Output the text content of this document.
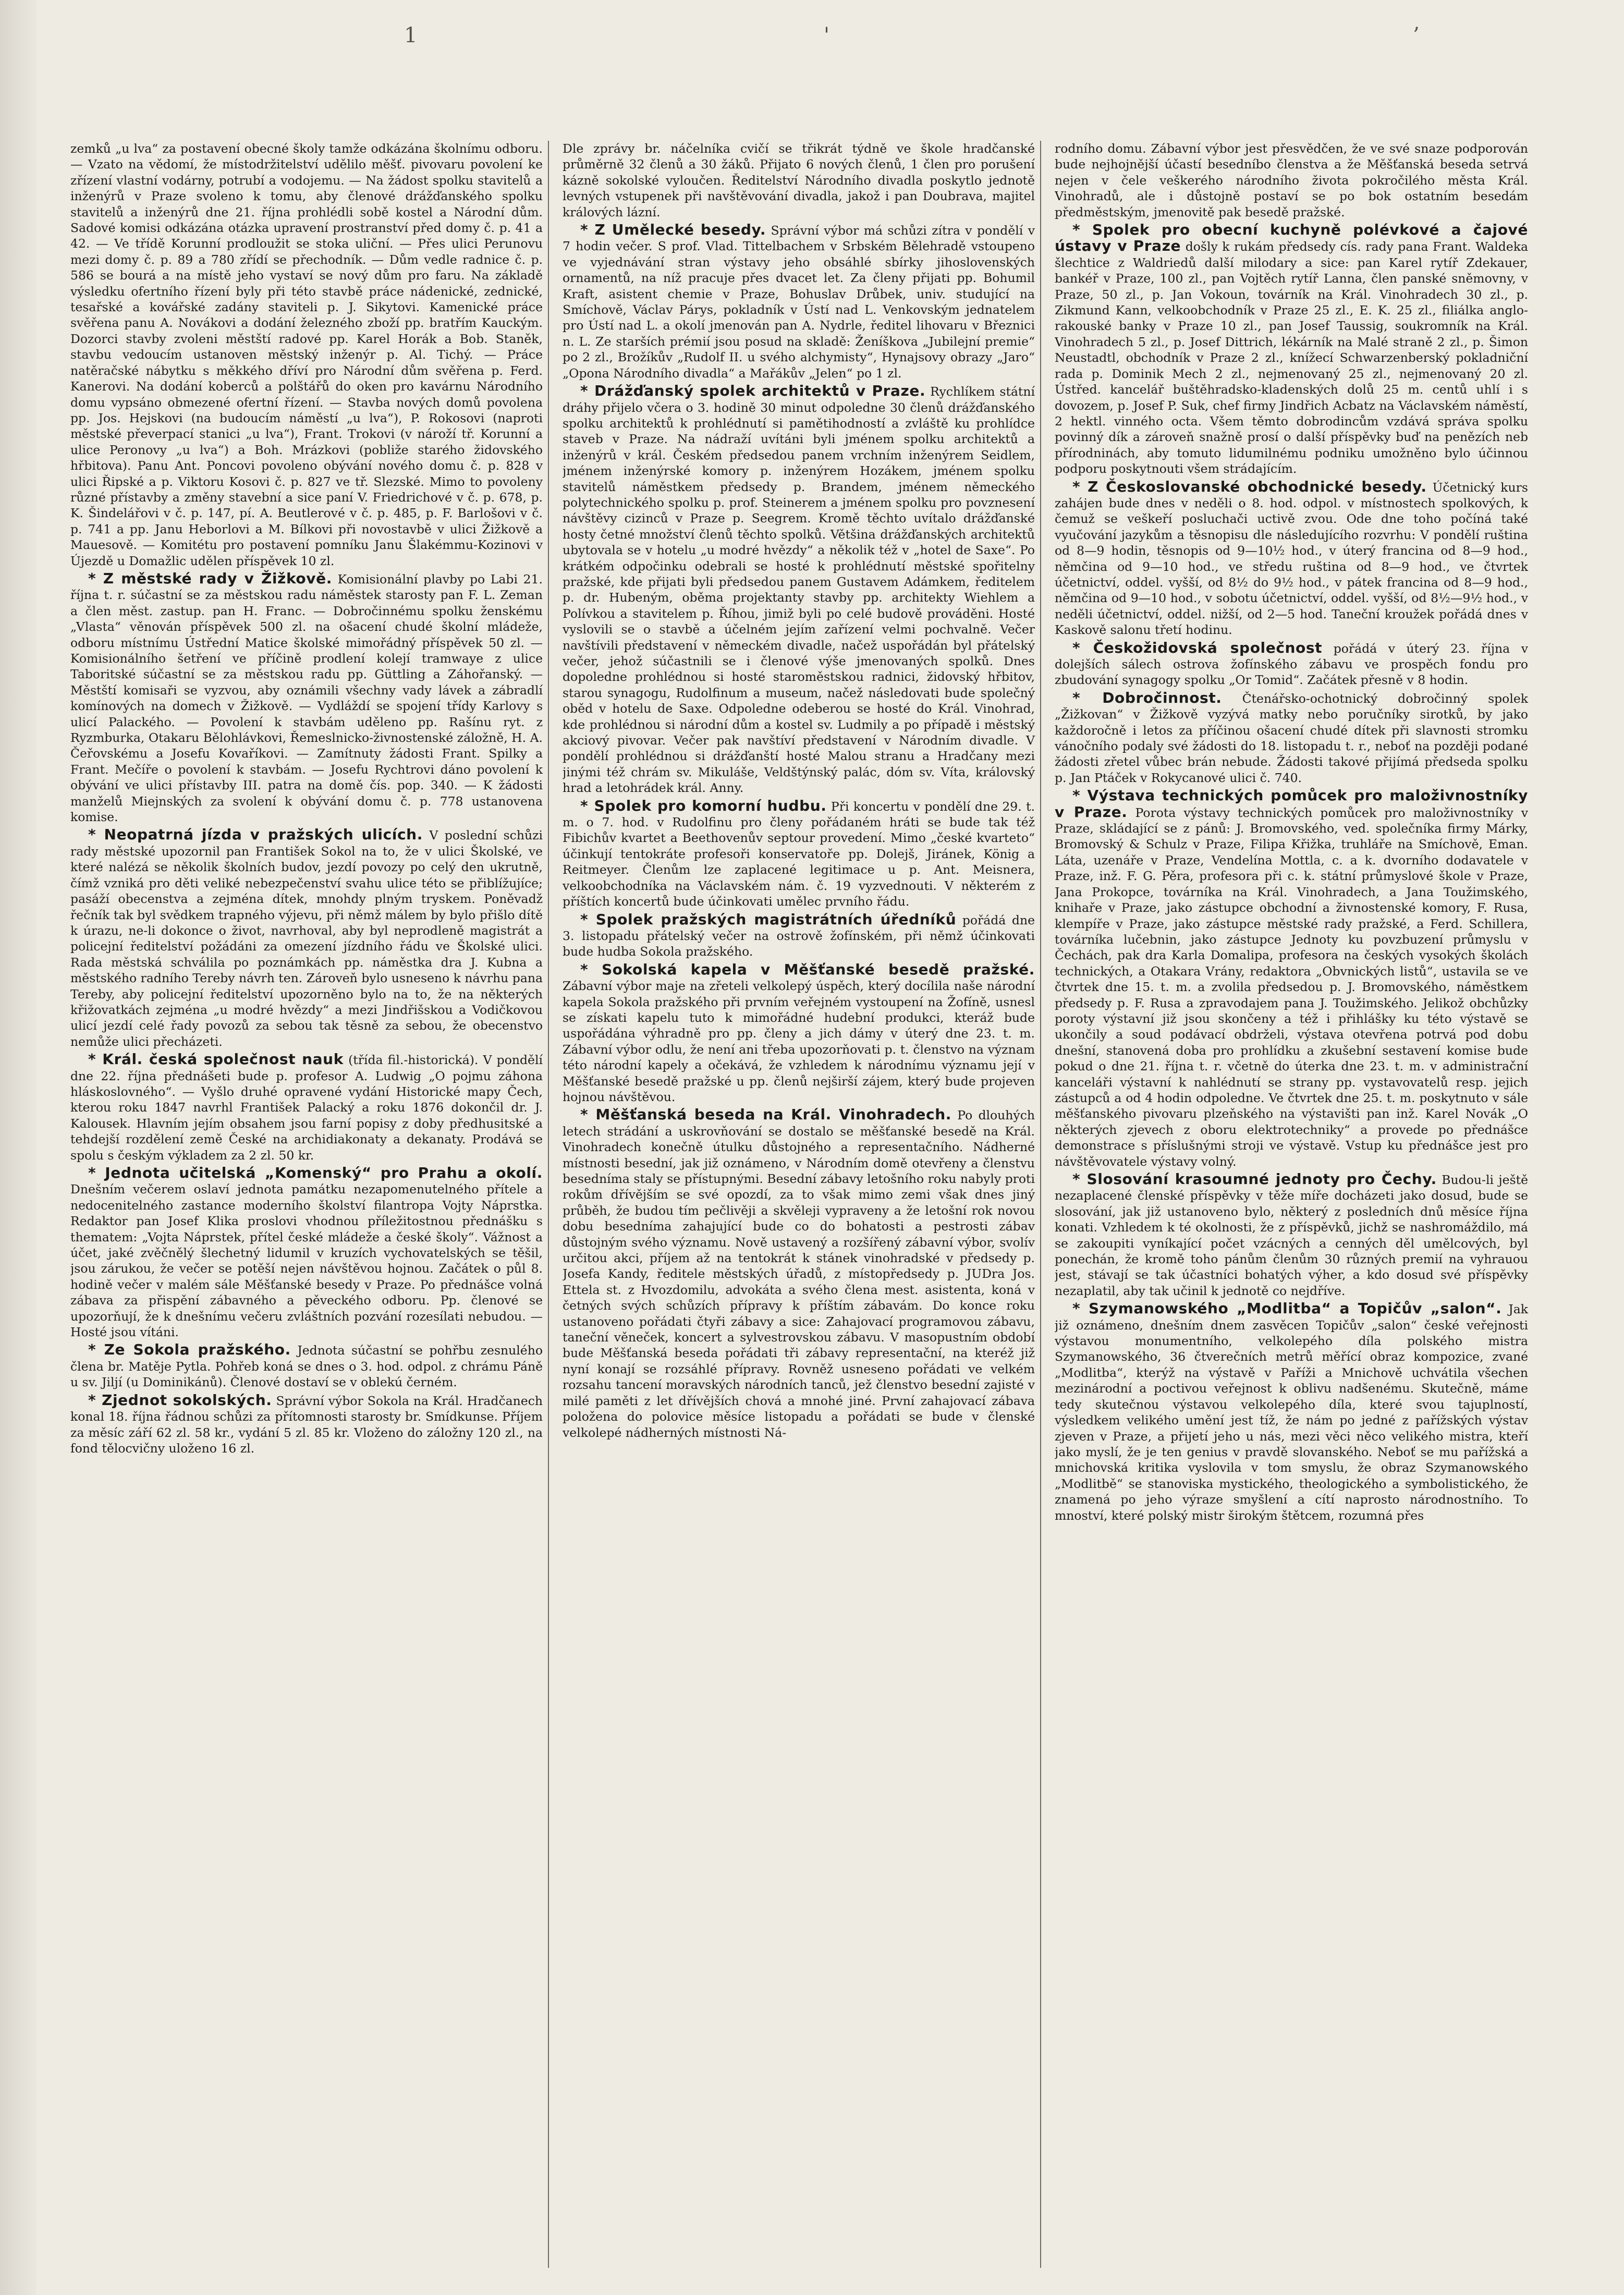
1	'	’

zemků „u lva“ za postavení obecné školy tamže odkázána školnímu odboru. — Vzato na vědomí, že místodržitelství udělilo měšť. pivovaru povolení ke zřízení vlastní vodárny, potrubí a vodojemu. — Na žádost spolku stavitelů a inženýrů v Praze svoleno k tomu, aby členové drážďanského spolku stavitelů a inženýrů dne 21. října prohlédli sobě kostel a Národní dům. Sadové komisi odkázána otázka upravení prostranství před domy č. p. 41 a 42. — Ve třídě Korunní prodloužit se stoka uliční. — Přes ulici Perunovu mezi domy č. p. 89 a 780 zřídí se přechodník. — Dům vedle radnice č. p. 586 se bourá a na místě jeho vystaví se nový dům pro faru. Na základě výsledku ofertního řízení byly při této stavbě práce nádenické, zednické, tesařské a kovářské zadány staviteli p. J. Sikytovi. Kamenické práce svěřena panu A. Novákovi a dodání železného zboží pp. bratřím Kauckým. Dozorci stavby zvoleni městští radové pp. Karel Horák a Bob. Staněk, stavbu vedoucím ustanoven městský inženýr p. Al. Tichý. — Práce natěračské nábytku s měkkého dříví pro Národní dům svěřena p. Ferd. Kanerovi. Na dodání koberců a polštářů do oken pro kavárnu Národního domu vypsáno obmezené ofertní řízení. — Stavba nových domů povolena pp. Jos. Hejskovi (na budoucím náměstí „u lva“), P. Rokosovi (naproti městské převerpací stanici „u lva“), Frant. Trokovi (v nároží tř. Korunní a ulice Peronovy „u lva“) a Boh. Mrázkovi (pobliže starého židovského hřbitova). Panu Ant. Poncovi povoleno obývání nového domu č. p. 828 v ulici Řipské a p. Viktoru Kosovi č. p. 827 ve tř. Slezské. Mimo to povoleny různé přístavby a změny stavební a sice paní V. Friedrichové v č. p. 678, p. K. Šindelářovi v č. p. 147, pí. A. Beutlerové v č. p. 485, p. F. Barlošovi v č. p. 741 a pp. Janu Heborlovi a M. Bílkovi při novostavbě v ulici Žižkově a Mauesově. — Komitétu pro postavení pomníku Janu Šlakémmu-Kozinovi v Újezdě u Domažlic udělen příspěvek 10 zl.

* Z městské rady v Žižkově. Komisionální plavby po Labi 21. října t. r. súčastní se za městskou radu náměstek starosty pan F. L. Zeman a člen měst. zastup. pan H. Franc. — Dobročinnému spolku ženskému „Vlasta“ věnován příspěvek 500 zl. na ošacení chudé školní mládeže, odboru místnímu Ústřední Matice školské mimořádný příspěvek 50 zl. — Komisionálního šetření ve příčině prodlení kolejí tramwaye z ulice Taboritské súčastní se za městskou radu pp. Güttling a Záhořanský. — Městští komisaři se vyzvou, aby oznámili všechny vady lávek a zábradlí komínových na domech v Žižkově. — Vydláždí se spojení třídy Karlovy s ulicí Palackého. — Povolení k stavbám uděleno pp. Rašínu ryt. z Ryzmburka, Otakaru Bělohlávkovi, Řemeslnicko-živnostenské záložně, H. A. Čeřovskému a Josefu Kovaříkovi. — Zamítnuty žádosti Frant. Spilky a Frant. Mečíře o povolení k stavbám. — Josefu Rychtrovi dáno povolení k obývání ve ulici přístavby III. patra na domě čís. pop. 340. — K žádosti manželů Miejnských za svolení k obývání domu č. p. 778 ustanovena komise.

* Neopatrná jízda v pražských ulicích. V poslední schůzi rady městské upozornil pan František Sokol na to, že v ulici Školské, ve které nalézá se několik školních budov, jezdí povozy po celý den ukrutně, čímž vzniká pro děti veliké nebezpečenství svahu ulice této se přiblížujíce; pasáží obecenstva a zejména dítek, mnohdy plným tryskem. Poněvadž řečník tak byl svědkem trapného výjevu, při němž málem by bylo přišlo dítě k úrazu, ne-li dokonce o život, navrhoval, aby byl neprodleně magistrát a policejní ředitelství požádáni za omezení jízdního řádu ve Školské ulici. Rada městská schválila po poznámkách pp. náměstka dra J. Kubna a městského radního Tereby návrh ten. Zároveň bylo usneseno k návrhu pana Tereby, aby policejní ředitelství upozorněno bylo na to, že na některých křižovatkách zejména „u modré hvězdy“ a mezi Jindřišskou a Vodičkovou ulicí jezdí celé řady povozů za sebou tak těsně za sebou, že obecenstvo nemůže ulici přecházeti.

* Král. česká společnost nauk (třída fil.-historická). V pondělí dne 22. října přednášeti bude p. profesor A. Ludwig „O pojmu záhona hláskoslovného“. — Vyšlo druhé opravené vydání Historické mapy Čech, kterou roku 1847 navrhl František Palacký a roku 1876 dokončil dr. J. Kalousek. Hlavním jejím obsahem jsou farní popisy z doby předhusitské a tehdejší rozdělení země České na archidiakonaty a dekanaty. Prodává se spolu s českým výkladem za 2 zl. 50 kr.

* Jednota učitelská „Komenský“ pro Prahu a okolí. Dnešním večerem oslaví jednota památku nezapomenutelného přítele a nedocenitelného zastance moderního školství filantropa Vojty Náprstka. Redaktor pan Josef Klika proslovi vhodnou příležitostnou přednášku s thematem: „Vojta Náprstek, přítel české mládeže a české školy“. Vážnost a účet, jaké zvěčnělý šlechetný lidumil v kruzích vychovatelských se těšil, jsou zárukou, že večer se potěší nejen návštěvou hojnou. Začátek o půl 8. hodině večer v malém sále Měšťanské besedy v Praze. Po přednášce volná zábava za přispění zábavného a pěveckého odboru. Pp. členové se upozorňují, že k dnešnímu večeru zvláštních pozvání rozesílati nebudou. — Hosté jsou vítáni.

* Ze Sokola pražského. Jednota súčastní se pohřbu zesnulého člena br. Matěje Pytla. Pohřeb koná se dnes o 3. hod. odpol. z chrámu Páně u sv. Jiljí (u Dominikánů). Členové dostaví se v oblekú černém.

* Zjednot sokolských. Správní výbor Sokola na Král. Hradčanech konal 18. října řádnou schůzi za přítomnosti starosty br. Smídkunse. Příjem za měsíc září 62 zl. 58 kr., vydání 5 zl. 85 kr. Vloženo do záložny 120 zl., na fond tělocvičny uloženo 16 zl.

Dle zprávy br. náčelníka cvičí se třikrát týdně ve škole hradčanské průměrně 32 členů a 30 žáků. Přijato 6 nových členů, 1 člen pro porušení kázně sokolské vyloučen. Ředitelství Národního divadla poskytlo jednotě levných vstupenek při navštěvování divadla, jakož i pan Doubrava, majitel králových lázní.

* Z Umělecké besedy. Správní výbor má schůzi zítra v pondělí v 7 hodin večer. S prof. Vlad. Tittelbachem v Srbském Bělehradě vstoupeno ve vyjednávání stran výstavy jeho obsáhlé sbírky jihoslovenských ornamentů, na níž pracuje přes dvacet let. Za členy přijati pp. Bohumil Kraft, asistent chemie v Praze, Bohuslav Drůbek, univ. studující na Smíchově, Václav Párys, pokladník v Ústí nad L. Venkovským jednatelem pro Ústí nad L. a okolí jmenován pan A. Nydrle, ředitel lihovaru v Březnici n. L. Ze starších prémií jsou posud na skladě: Ženíškova „Jubilejní premie“ po 2 zl., Brožíkův „Rudolf II. u svého alchymisty“, Hynajsovy obrazy „Jaro“ „Opona Národního divadla“ a Mařákův „Jelen“ po 1 zl.

* Drážďanský spolek architektů v Praze. Rychlíkem státní dráhy přijelo včera o 3. hodině 30 minut odpoledne 30 členů drážďanského spolku architektů k prohlédnutí si pamětihodností a zvláště ku prohlídce staveb v Praze. Na nádraží uvítáni byli jménem spolku architektů a inženýrů v král. Českém předsedou panem vrchním inženýrem Seidlem, jménem inženýrské komory p. inženýrem Hozákem, jménem spolku stavitelů náměstkem předsedy p. Brandem, jménem německého polytechnického spolku p. prof. Steinerem a jménem spolku pro povznesení návštěvy cizinců v Praze p. Seegrem. Kromě těchto uvítalo drážďanské hosty četné množství členů těchto spolků. Většina drážďanských architektů ubytovala se v hotelu „u modré hvězdy“ a několik též v „hotel de Saxe“. Po krátkém odpočinku odebrali se hosté k prohlédnutí městské spořitelny pražské, kde přijati byli předsedou panem Gustavem Adámkem, ředitelem p. dr. Hubeným, oběma projektanty stavby pp. architekty Wiehlem a Polívkou a stavitelem p. Říhou, jimiž byli po celé budově prováděni. Hosté vyslovili se o stavbě a účelném jejím zařízení velmi pochvalně. Večer navštívili představení v německém divadle, načež uspořádán byl přátelský večer, jehož súčastnili se i členové výše jmenovaných spolků. Dnes dopoledne prohlédnou si hosté staroměstskou radnici, židovský hřbitov, starou synagogu, Rudolfinum a museum, načež následovati bude společný oběd v hotelu de Saxe. Odpoledne odeberou se hosté do Král. Vinohrad, kde prohlédnou si národní dům a kostel sv. Ludmily a po případě i městský akciový pivovar. Večer pak navštíví představení v Národním divadle. V pondělí prohlédnou si drážďanští hosté Malou stranu a Hradčany mezi jinými též chrám sv. Mikuláše, Veldštýnský palác, dóm sv. Víta, královský hrad a letohrádek král. Anny.

* Spolek pro komorní hudbu. Při koncertu v pondělí dne 29. t. m. o 7. hod. v Rudolfinu pro členy pořádaném hráti se bude tak též Fibichův kvartet a Beethovenův septour provedení. Mimo „české kvarteto“ účinkují tentokráte profesoři konservatoře pp. Dolejš, Jiránek, König a Reitmeyer. Členům lze zaplacené legitimace u p. Ant. Meisnera, velkoobchodníka na Václavském nám. č. 19 vyzvednouti. V některém z příštích koncertů bude účinkovati umělec prvního řádu.

* Spolek pražských magistrátních úředníků pořádá dne 3. listopadu přátelský večer na ostrově žofínském, při němž účinkovati bude hudba Sokola pražského.

* Sokolská kapela v Měšťanské besedě pražské. Zábavní výbor maje na zřeteli velkolepý úspěch, který docílila naše národní kapela Sokola pražského při prvním veřejném vystoupení na Žofíně, usnesl se získati kapelu tuto k mimořádné hudební produkci, kteráž bude uspořádána výhradně pro pp. členy a jich dámy v úterý dne 23. t. m. Zábavní výbor odlu, že není ani třeba upozorňovati p. t. členstvo na význam této národní kapely a očekává, že vzhledem k národnímu významu její v Měšťanské besedě pražské u pp. členů nejširší zájem, který bude projeven hojnou návštěvou.

* Měšťanská beseda na Král. Vinohradech. Po dlouhých letech strádání a uskrovňování se dostalo se měšťanské besedě na Král. Vinohradech konečně útulku důstojného a representačního. Nádherné místnosti besední, jak již oznámeno, v Národním domě otevřeny a členstvu besedníma staly se přístupnými. Besední zábavy letošního roku nabyly proti rokům dřívějším se své opozdí, za to však mimo zemi však dnes jiný průběh, že budou tím pečlivěji a skvěleji vypraveny a že letošní rok novou dobu besedníma zahajující bude co do bohatosti a pestrosti zábav důstojným svého významu. Nově ustavený a rozšířený zábavní výbor, svolív určitou akci, příjem až na tentokrát k stánek vinohradské v předsedy p. Josefa Kandy, ředitele městských úřadů, z místopředsedy p. JUDra Jos. Ettela st. z Hvozdomilu, advokáta a svého člena mest. asistenta, koná v četných svých schůzích přípravy k příštím zábavám. Do konce roku ustanoveno pořádati čtyři zábavy a sice: Zahajovací programovou zábavu, taneční věneček, koncert a sylvestrovskou zábavu. V masopustním období bude Měšťanská beseda pořádati tři zábavy representační, na kteréž již nyní konají se rozsáhlé přípravy. Rovněž usneseno pořádati ve velkém rozsahu tancení moravských národních tanců, jež členstvo besední zajisté v milé paměti z let dřívějších chová a mnohé jiné. První zahajovací zábava položena do polovice měsíce listopadu a pořádati se bude v členské velkolepé nádherných místnosti Ná-

rodního domu. Zábavní výbor jest přesvědčen, že ve své snaze podporován bude nejhojnější účastí besedníbo členstva a že Měšťanská beseda setrvá nejen v čele veškerého národního života pokročilého města Král. Vinohradů, ale i důstojně postaví se po bok ostatním besedám předměstským, jmenovitě pak besedě pražské.

* Spolek pro obecní kuchyně polévkové a čajové ústavy v Praze došly k rukám předsedy cís. rady pana Frant. Waldeka šlechtice z Waldriedů další milodary a sice: pan Karel rytíř Zdekauer, bankéř v Praze, 100 zl., pan Vojtěch rytíř Lanna, člen panské sněmovny, v Praze, 50 zl., p. Jan Vokoun, továrník na Král. Vinohradech 30 zl., p. Zikmund Kann, velkoobchodník v Praze 25 zl., E. K. 25 zl., filiálka anglo-rakouské banky v Praze 10 zl., pan Josef Taussig, soukromník na Král. Vinohradech 5 zl., p. Josef Dittrich, lékárník na Malé straně 2 zl., p. Šimon Neustadtl, obchodník v Praze 2 zl., knížecí Schwarzenberský pokladniční rada p. Dominik Mech 2 zl., nejmenovaný 25 zl., nejmenovaný 20 zl. Ústřed. kancelář buštěhradsko-kladenských dolů 25 m. centů uhlí i s dovozem, p. Josef P. Suk, chef firmy Jindřich Acbatz na Václavském náměstí, 2 hektl. vinného octa. Všem těmto dobrodincům vzdává správa spolku povinný dík a zároveň snažně prosí o další příspěvky buď na penězích neb přírodninách, aby tomuto lidumilnému podniku umožněno bylo účinnou podporu poskytnouti všem strádajícím.

* Z Českoslovanské obchodnické besedy. Účetnický kurs zahájen bude dnes v neděli o 8. hod. odpol. v místnostech spolkových, k čemuž se veškeří posluchači uctivě zvou. Ode dne toho počíná také vyučování jazykům a těsnopisu dle následujícího rozvrhu: V pondělí ruština od 8—9 hodin, těsnopis od 9—10½ hod., v úterý francina od 8—9 hod., němčina od 9—10 hod., ve středu ruština od 8—9 hod., ve čtvrtek účetnictví, oddel. vyšší, od 8½ do 9½ hod., v pátek francina od 8—9 hod., němčina od 9—10 hod., v sobotu účetnictví, oddel. vyšší, od 8½—9½ hod., v neděli účetnictví, oddel. nižší, od 2—5 hod. Taneční kroužek pořádá dnes v Kaskově salonu třetí hodinu.

* Českožidovská společnost pořádá v úterý 23. října v dolejších sálech ostrova žofínského zábavu ve prospěch fondu pro zbudování synagogy spolku „Or Tomid“. Začátek přesně v 8 hodin.

* Dobročinnost. Čtenářsko-ochotnický dobročinný spolek „Žižkovan“ v Žižkově vyzývá matky nebo poručníky sirotků, by jako každoročně i letos za příčinou ošacení chudé dítek při slavnosti stromku vánočního podaly své žádosti do 18. listopadu t. r., neboť na později podané žádosti zřetel vůbec brán nebude. Žádosti takové přijímá předseda spolku p. Jan Ptáček v Rokycanové ulici č. 740.

* Výstava technických pomůcek pro maloživnostníky v Praze. Porota výstavy technických pomůcek pro maloživnostníky v Praze, skládající se z pánů: J. Bromovského, ved. společníka firmy Márky, Bromovský & Schulz v Praze, Filipa Křižka, truhláře na Smíchově, Eman. Láta, uzenáře v Praze, Vendelína Mottla, c. a k. dvorního dodavatele v Praze, inž. F. G. Pěra, profesora při c. k. státní průmyslové škole v Praze, Jana Prokopce, továrníka na Král. Vinohradech, a Jana Toužimského, knihaře v Praze, jako zástupce obchodní a živnostenské komory, F. Rusa, klempíře v Praze, jako zástupce městské rady pražské, a Ferd. Schillera, továrníka lučebnin, jako zástupce Jednoty ku povzbuzení průmyslu v Čechách, pak dra Karla Domalipa, profesora na českých vysokých školách technických, a Otakara Vrány, redaktora „Obvnických listů“, ustavila se ve čtvrtek dne 15. t. m. a zvolila předsedou p. J. Bromovského, náměstkem předsedy p. F. Rusa a zpravodajem pana J. Toužimského. Jelikož obchůzky poroty výstavní již jsou skončeny a též i přihlášky ku této výstavě se ukončily a soud podávací obdrželi, výstava otevřena potrvá pod dobu dnešní, stanovená doba pro prohlídku a zkušební sestavení komise bude pokud o dne 21. října t. r. včetně do úterka dne 23. t. m. v administrační kanceláři výstavní k nahlédnutí se strany pp. vystavovatelů resp. jejich zástupců a od 4 hodin odpoledne. Ve čtvrtek dne 25. t. m. poskytnuto v sále měšťanského pivovaru plzeňského na výstavišti pan inž. Karel Novák „O některých zjevech z oboru elektrotechniky“ a provede po přednášce demonstrace s příslušnými stroji ve výstavě. Vstup ku přednášce jest pro návštěvovatele výstavy volný.

* Slosování krasoumné jednoty pro Čechy. Budou-li ještě nezaplacené členské příspěvky v těže míře docházeti jako dosud, bude se slosování, jak již ustanoveno bylo, některý z posledních dnů měsíce října konati. Vzhledem k té okolnosti, že z příspěvků, jichž se nashromáždilo, má se zakoupiti vyníkající počet vzácných a cenných děl umělcových, byl ponechán, že kromě toho pánům členům 30 různých premií na vyhrauou jest, stávají se tak účastníci bohatých výher, a kdo dosud své příspěvky nezaplatil, aby tak učinil k jednotě co nejdříve.

* Szymanowského „Modlitba“ a Topičův „salon“. Jak již oznámeno, dnešním dnem zasvěcen Topičův „salon“ české veřejnosti výstavou monumentního, velkolepého díla polského mistra Szymanowského, 36 čtverečních metrů měřící obraz kompozice, zvané „Modlitba“, kterýž na výstavě v Paříži a Mnichově uchvátila všechen mezinárodní a poctivou veřejnost k oblivu nadšenému. Skutečně, máme tedy skutečnou výstavou velkolepého díla, které svou tajuplností, výsledkem velikého umění jest tíž, že nám po jedné z pařížských výstav zjeven v Praze, a přijetí jeho u nás, mezi věci něco velikého mistra, kteří jako myslí, že je ten genius v pravdě slovanského. Neboť se mu pařížská a mnichovská kritika vyslovila v tom smyslu, že obraz Szymanowského „Modlitbě“ se stanoviska mystického, theologického a symbolistického, že znamená po jeho výraze smyšlení a cítí naprosto národnostního. To mnoství, které polský mistr širokým štětcem, rozumná přes
